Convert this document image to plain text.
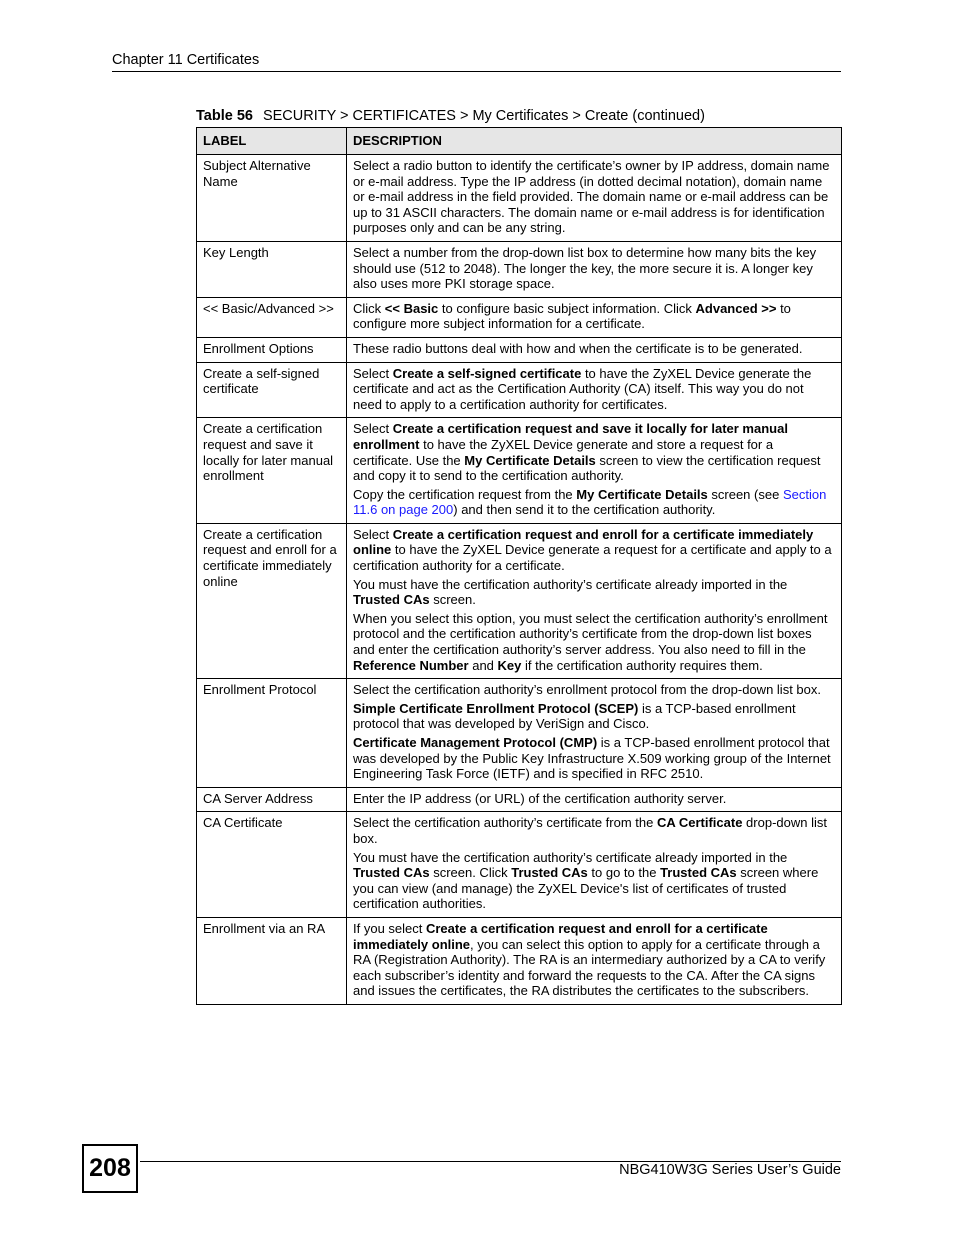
Chapter 11 Certificates
Table 56 SECURITY > CERTIFICATES > My Certificates > Create (continued)
LABEL	DESCRIPTION
Subject Alternative Name	Select a radio button to identify the certificate’s owner by IP address, domain name or e-mail address. Type the IP address (in dotted decimal notation), domain name or e-mail address in the field provided. The domain name or e-mail address can be up to 31 ASCII characters. The domain name or e-mail address is for identification purposes only and can be any string.

Key Length	Select a number from the drop-down list box to determine how many bits the key should use (512 to 2048). The longer the key, the more secure it is. A longer key also uses more PKI storage space.

<< Basic/Advanced >>	Click << Basic to configure basic subject information. Click Advanced >> to configure more subject information for a certificate.

Enrollment Options	These radio buttons deal with how and when the certificate is to be generated.

Create a self-signed certificate	Select Create a self-signed certificate to have the ZyXEL Device generate the certificate and act as the Certification Authority (CA) itself. This way you do not need to apply to a certification authority for certificates.

Create a certification request and save it locally for later manual enrollment	Select Create a certification request and save it locally for later manual enrollment to have the ZyXEL Device generate and store a request for a certificate. Use the My Certificate Details screen to view the certification request and copy it to send to the certification authority.

Copy the certification request from the My Certificate Details screen (see Section 11.6 on page 200) and then send it to the certification authority.

Create a certification request and enroll for a certificate immediately online	Select Create a certification request and enroll for a certificate immediately online to have the ZyXEL Device generate a request for a certificate and apply to a certification authority for a certificate.

You must have the certification authority’s certificate already imported in the Trusted CAs screen.

When you select this option, you must select the certification authority’s enrollment protocol and the certification authority’s certificate from the drop-down list boxes and enter the certification authority’s server address. You also need to fill in the Reference Number and Key if the certification authority requires them.

Enrollment Protocol	Select the certification authority’s enrollment protocol from the drop-down list box.

Simple Certificate Enrollment Protocol (SCEP) is a TCP-based enrollment protocol that was developed by VeriSign and Cisco.

Certificate Management Protocol (CMP) is a TCP-based enrollment protocol that was developed by the Public Key Infrastructure X.509 working group of the Internet Engineering Task Force (IETF) and is specified in RFC 2510.

CA Server Address	Enter the IP address (or URL) of the certification authority server.

CA Certificate	Select the certification authority’s certificate from the CA Certificate drop-down list box.

You must have the certification authority’s certificate already imported in the Trusted CAs screen. Click Trusted CAs to go to the Trusted CAs screen where you can view (and manage) the ZyXEL Device's list of certificates of trusted certification authorities.

Enrollment via an RA	If you select Create a certification request and enroll for a certificate immediately online, you can select this option to apply for a certificate through a RA (Registration Authority). The RA is an intermediary authorized by a CA to verify each subscriber’s identity and forward the requests to the CA. After the CA signs and issues the certificates, the RA distributes the certificates to the subscribers.

208	NBG410W3G Series User’s Guide
